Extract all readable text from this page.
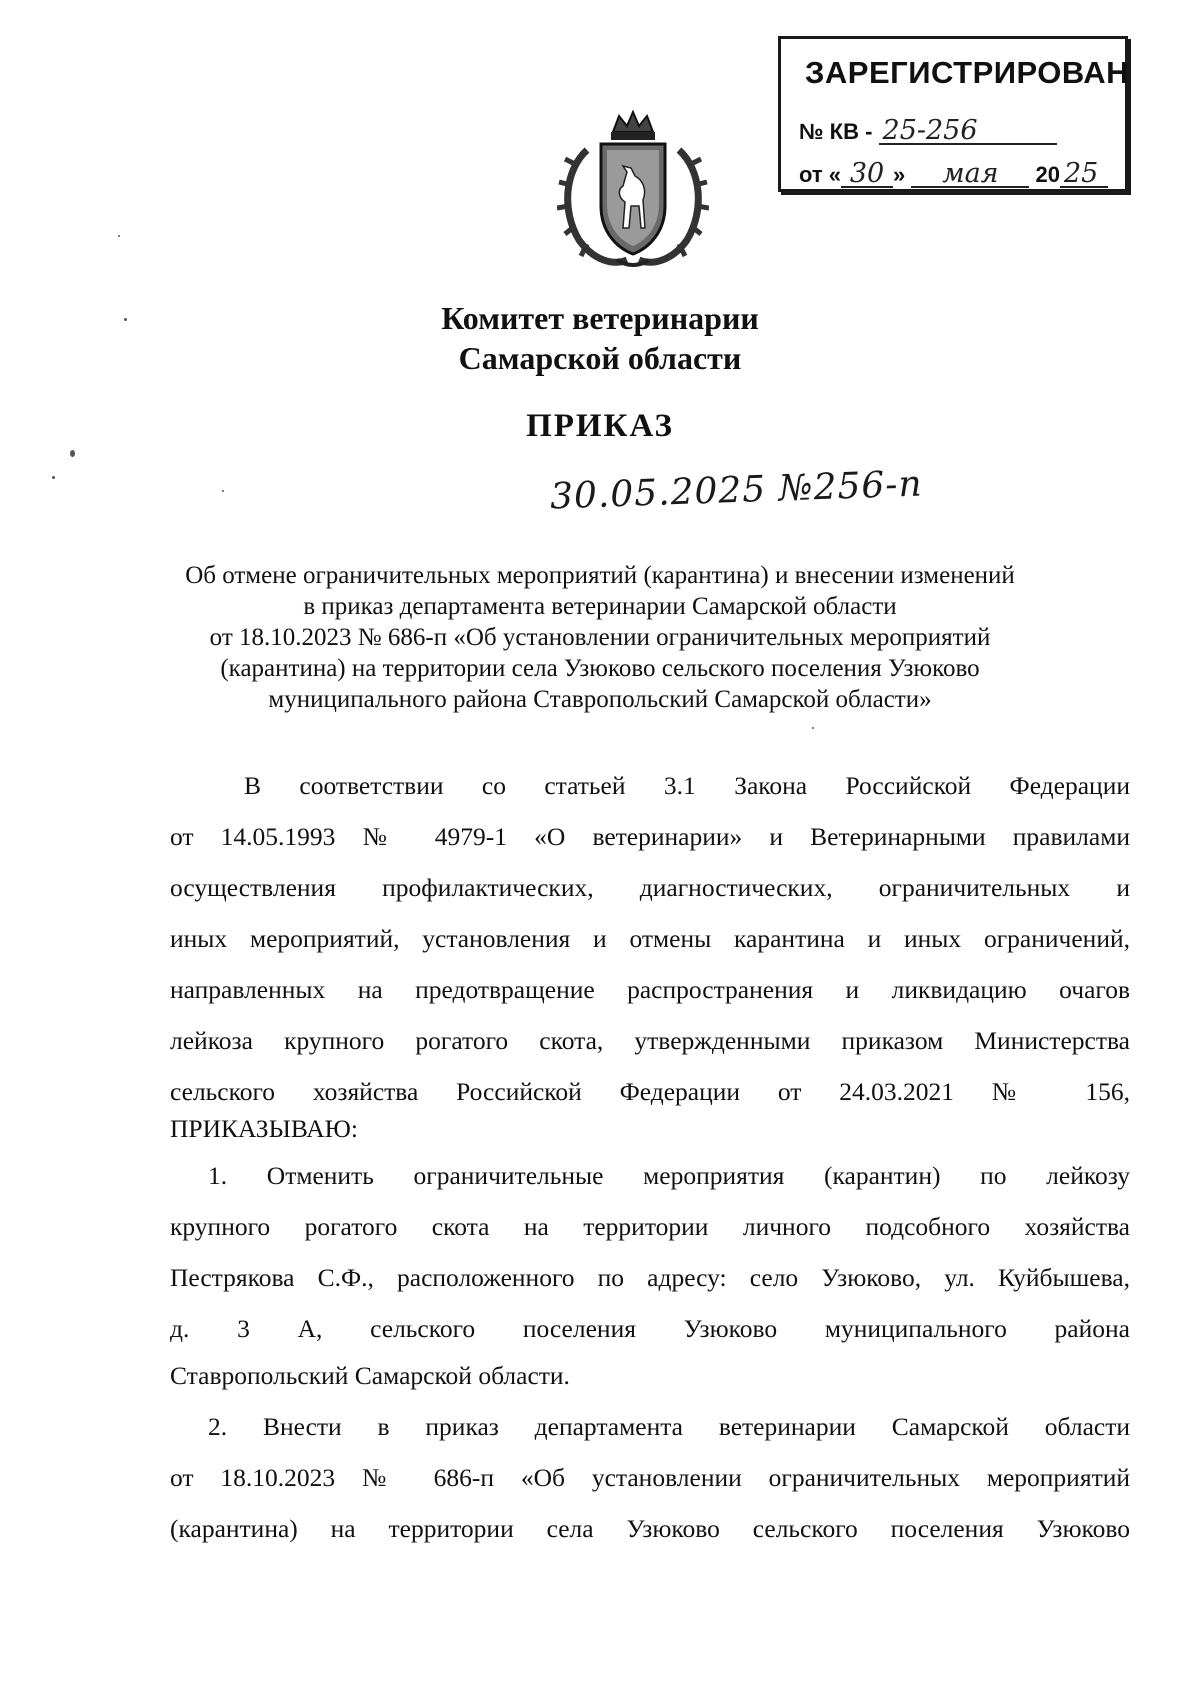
ЗАРЕГИСТРИРОВАН
№ КВ - 25-256
от « 30 » мая 20 25
Комитет ветеринарии
Самарской области
ПРИКАЗ
30.05.2025 №256-п
Об отмене ограничительных мероприятий (карантина) и внесении изменений
в приказ департамента ветеринарии Самарской области
от 18.10.2023 № 686-п «Об установлении ограничительных мероприятий
(карантина) на территории села Узюково сельского поселения Узюково
муниципального района Ставропольский Самарской области»
В соответствии со статьей 3.1 Закона Российской Федерации
от 14.05.1993 № 4979-1 «О ветеринарии» и Ветеринарными правилами
осуществления профилактических, диагностических, ограничительных и
иных мероприятий, установления и отмены карантина и иных ограничений,
направленных на предотвращение распространения и ликвидацию очагов
лейкоза крупного рогатого скота, утвержденными приказом Министерства
сельского хозяйства Российской Федерации от 24.03.2021 № 156,
ПРИКАЗЫВАЮ:
1. Отменить ограничительные мероприятия (карантин) по лейкозу
крупного рогатого скота на территории личного подсобного хозяйства
Пестрякова С.Ф., расположенного по адресу: село Узюково, ул. Куйбышева,
д. 3 А, сельского поселения Узюково муниципального района
Ставропольский Самарской области.
2. Внести в приказ департамента ветеринарии Самарской области
от 18.10.2023 № 686-п «Об установлении ограничительных мероприятий
(карантина) на территории села Узюково сельского поселения Узюково
